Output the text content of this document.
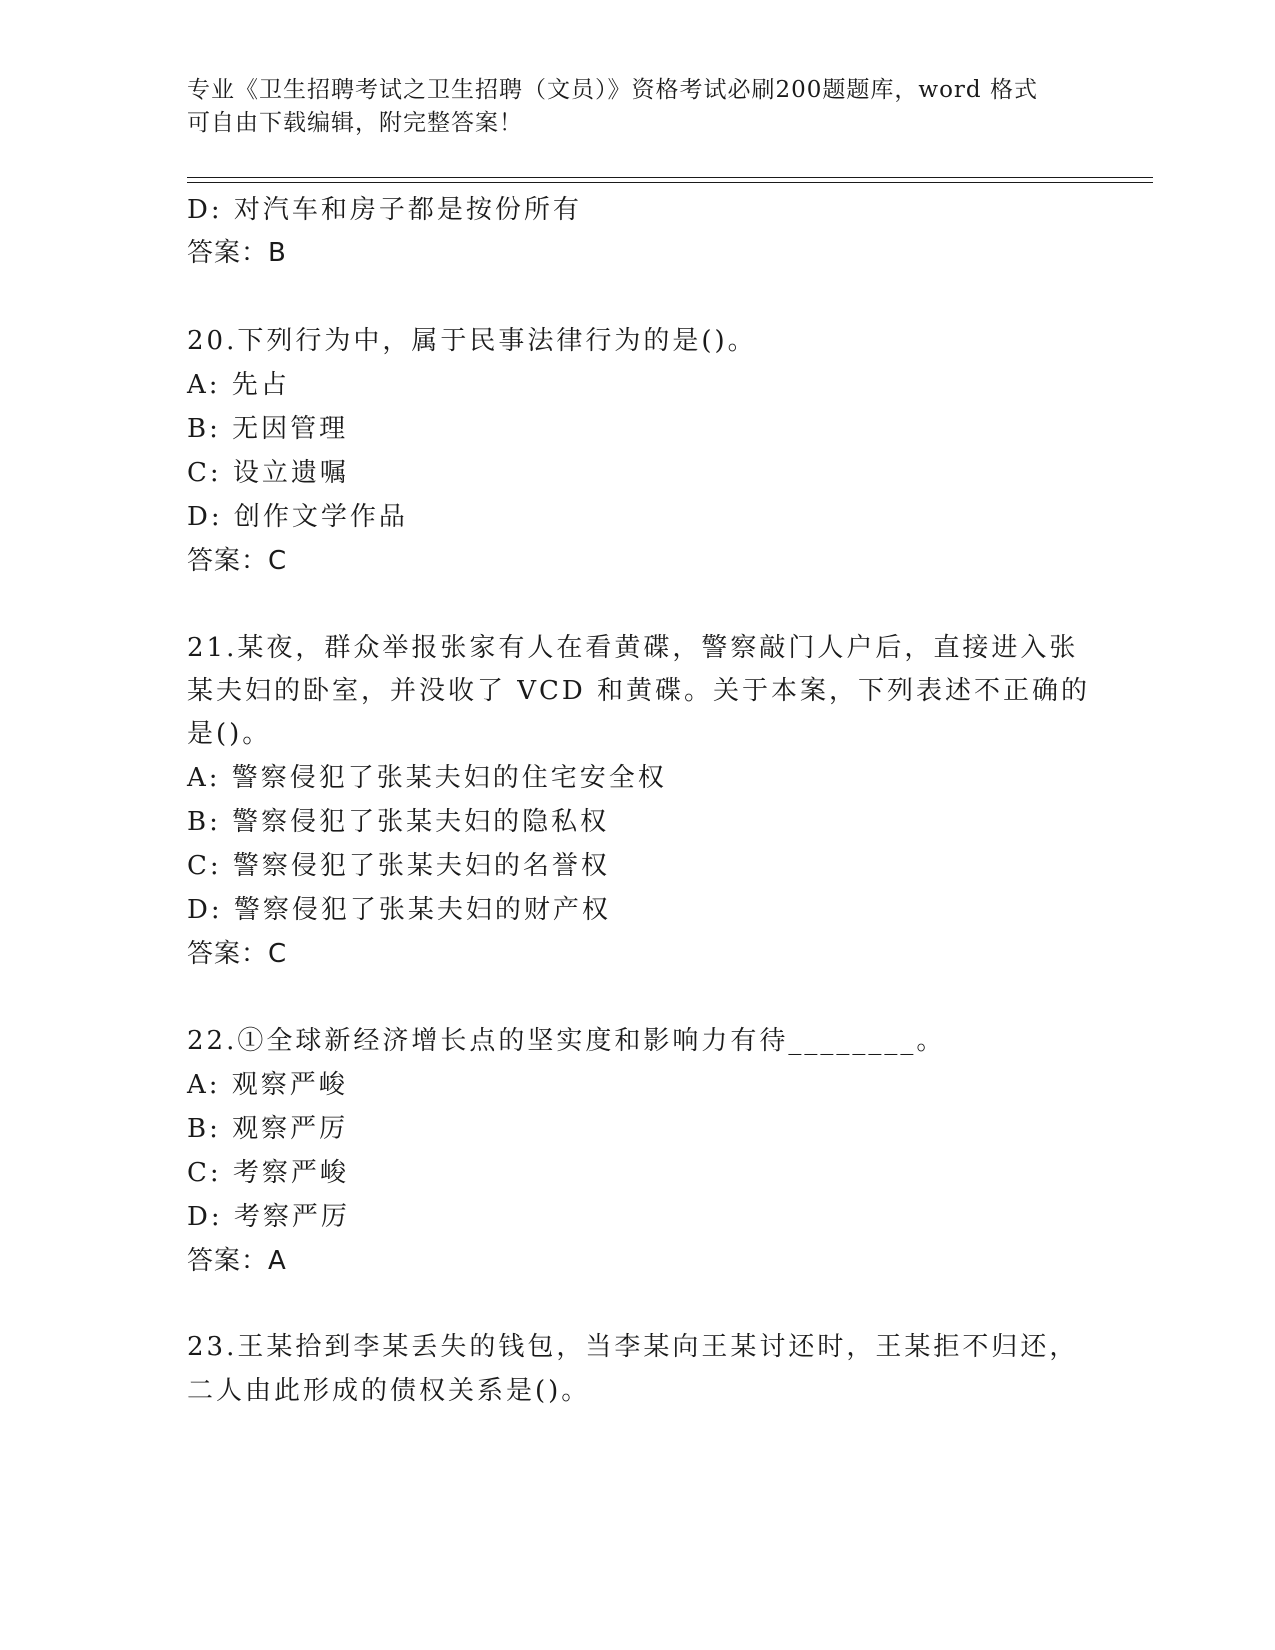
专业《卫生招聘考试之卫生招聘（文员）》资格考试必刷200题题库，word 格式
可自由下载编辑，附完整答案！
D: 对汽车和房子都是按份所有
答案：B
20.下列行为中，属于民事法律行为的是()。
A: 先占
B: 无因管理
C: 设立遗嘱
D: 创作文学作品
答案：C
21.某夜，群众举报张家有人在看黄碟，警察敲门人户后，直接进入张
某夫妇的卧室，并没收了 VCD 和黄碟。关于本案，下列表述不正确的
是()。
A: 警察侵犯了张某夫妇的住宅安全权
B: 警察侵犯了张某夫妇的隐私权
C: 警察侵犯了张某夫妇的名誉权
D: 警察侵犯了张某夫妇的财产权
答案：C
22.①全球新经济增长点的坚实度和影响力有待________。
A: 观察严峻
B: 观察严厉
C: 考察严峻
D: 考察严厉
答案：A
23.王某拾到李某丢失的钱包，当李某向王某讨还时，王某拒不归还，
二人由此形成的债权关系是()。
